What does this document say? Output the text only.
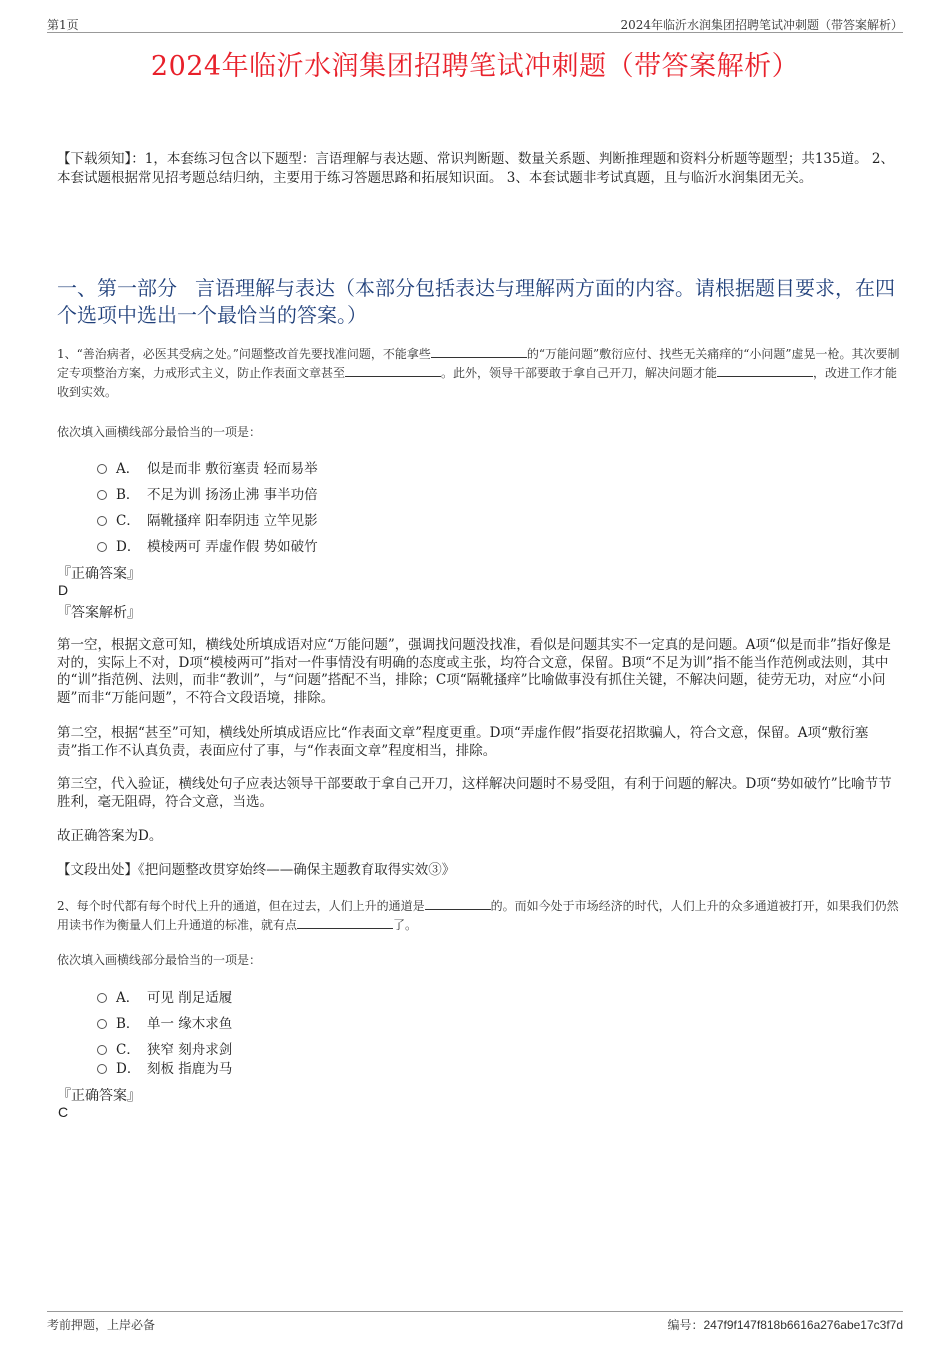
第1页	2024年临沂水润集团招聘笔试冲刺题（带答案解析）
2024年临沂水润集团招聘笔试冲刺题（带答案解析）
【下载须知】：1，本套练习包含以下题型：言语理解与表达题、常识判断题、数量关系题、判断推理题和资料分析题等题型；共135道。 2、本套试题根据常见招考题总结归纳，主要用于练习答题思路和拓展知识面。 3、本套试题非考试真题，且与临沂水润集团无关。
一、第一部分 言语理解与表达（本部分包括表达与理解两方面的内容。请根据题目要求，在四个选项中选出一个最恰当的答案。）
1、“善治病者，必医其受病之处。”问题整改首先要找准问题，不能拿些	的“万能问题”敷衍应付、找些无关痛痒的“小问题”虚晃一枪。其次要制定专项整治方案，力戒形式主义，防止作表面文章甚至	。此外，领导干部要敢于拿自己开刀，解决问题才能	，改进工作才能收到实效。
依次填入画横线部分最恰当的一项是：
A． 似是而非 敷衍塞责 轻而易举
B． 不足为训 扬汤止沸 事半功倍
C． 隔靴搔痒 阳奉阴违 立竿见影
D． 模棱两可 弄虚作假 势如破竹
『正确答案』
D
『答案解析』
第一空，根据文意可知，横线处所填成语对应“万能问题”，强调找问题没找准，看似是问题其实不一定真的是问题。A项“似是而非”指好像是对的，实际上不对，D项“模棱两可”指对一件事情没有明确的态度或主张，均符合文意，保留。B项“不足为训”指不能当作范例或法则，其中的“训”指范例、法则，而非“教训”，与“问题”搭配不当，排除；C项“隔靴搔痒”比喻做事没有抓住关键，不解决问题，徒劳无功，对应“小问题”而非“万能问题”，不符合文段语境，排除。
第二空，根据“甚至”可知，横线处所填成语应比“作表面文章”程度更重。D项“弄虚作假”指耍花招欺骗人，符合文意，保留。A项“敷衍塞责”指工作不认真负责，表面应付了事，与“作表面文章”程度相当，排除。
第三空，代入验证，横线处句子应表达领导干部要敢于拿自己开刀，这样解决问题时不易受阻，有利于问题的解决。D项“势如破竹”比喻节节胜利，毫无阻碍，符合文意，当选。
故正确答案为D。
【文段出处】《把问题整改贯穿始终——确保主题教育取得实效③》
2、每个时代都有每个时代上升的通道，但在过去，人们上升的通道是	的。而如今处于市场经济的时代，人们上升的众多通道被打开，如果我们仍然用读书作为衡量人们上升通道的标准，就有点	了。
依次填入画横线部分最恰当的一项是：
A． 可见 削足适履
B． 单一 缘木求鱼
C． 狭窄 刻舟求剑
D． 刻板 指鹿为马
『正确答案』
C
考前押题，上岸必备	编号：247f9f147f818b6616a276abe17c3f7d
